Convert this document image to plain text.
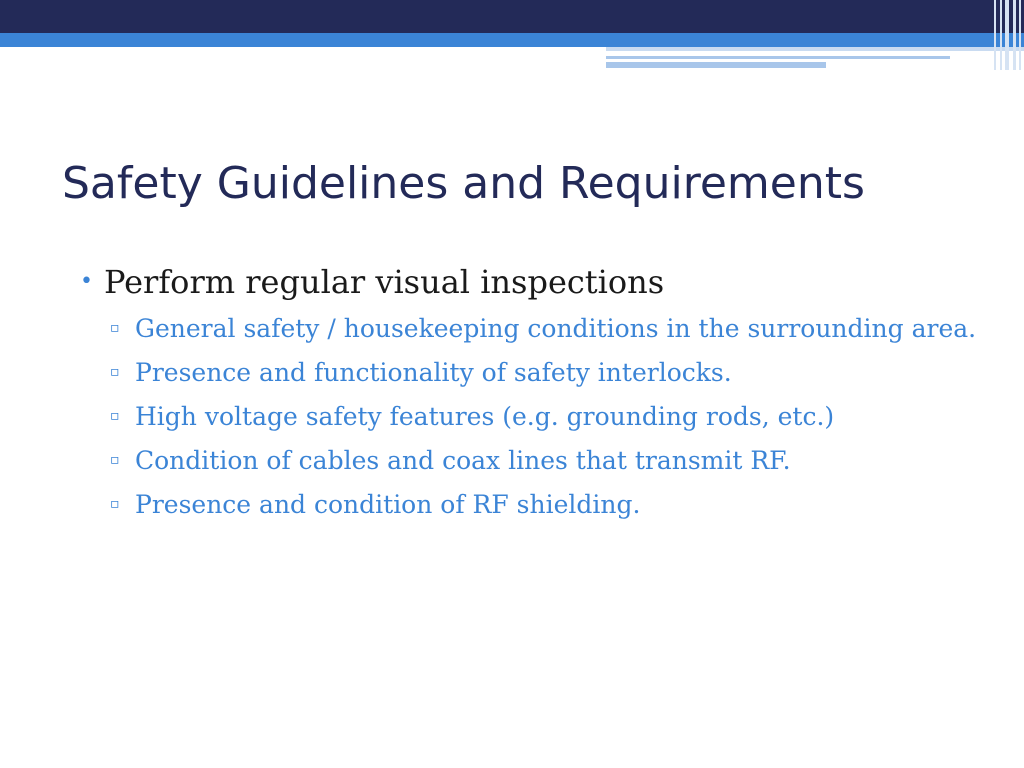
Safety Guidelines and Requirements
• Perform regular visual inspections
▫ General safety / housekeeping conditions in the surrounding area.
▫ Presence and functionality of safety interlocks.
▫ High voltage safety features (e.g. grounding rods, etc.)
▫ Condition of cables and coax lines that transmit RF.
▫ Presence and condition of RF shielding.
